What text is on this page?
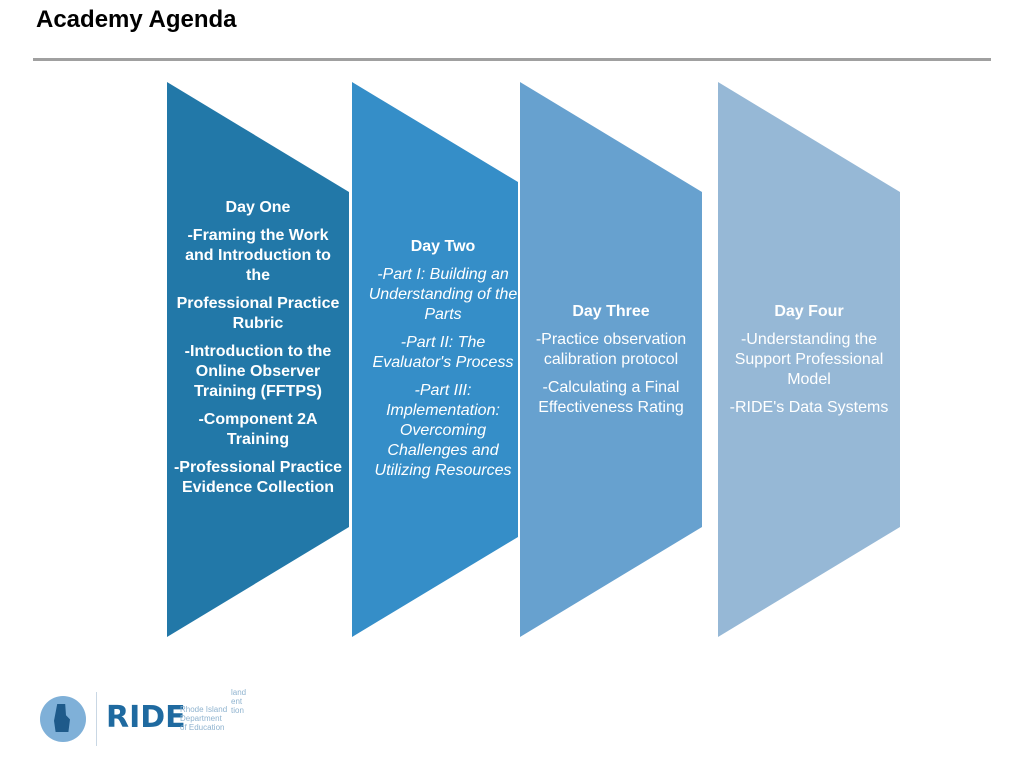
Academy Agenda
Day One
-Framing the Work and Introduction to the
Professional Practice Rubric
-Introduction to the Online Observer Training (FFTPS)
-Component 2A Training
-Professional Practice Evidence Collection
Day Two
-Part I: Building an Understanding of the Parts
-Part II: The Evaluator's Process
-Part III: Implementation: Overcoming Challenges and Utilizing Resources
Day Three
-Practice observation calibration protocol
-Calculating a Final Effectiveness Rating
Day Four
-Understanding the Support Professional Model
-RIDE's Data Systems
RIDE
Rhode Island
Department
of Education
land
ent
tion
